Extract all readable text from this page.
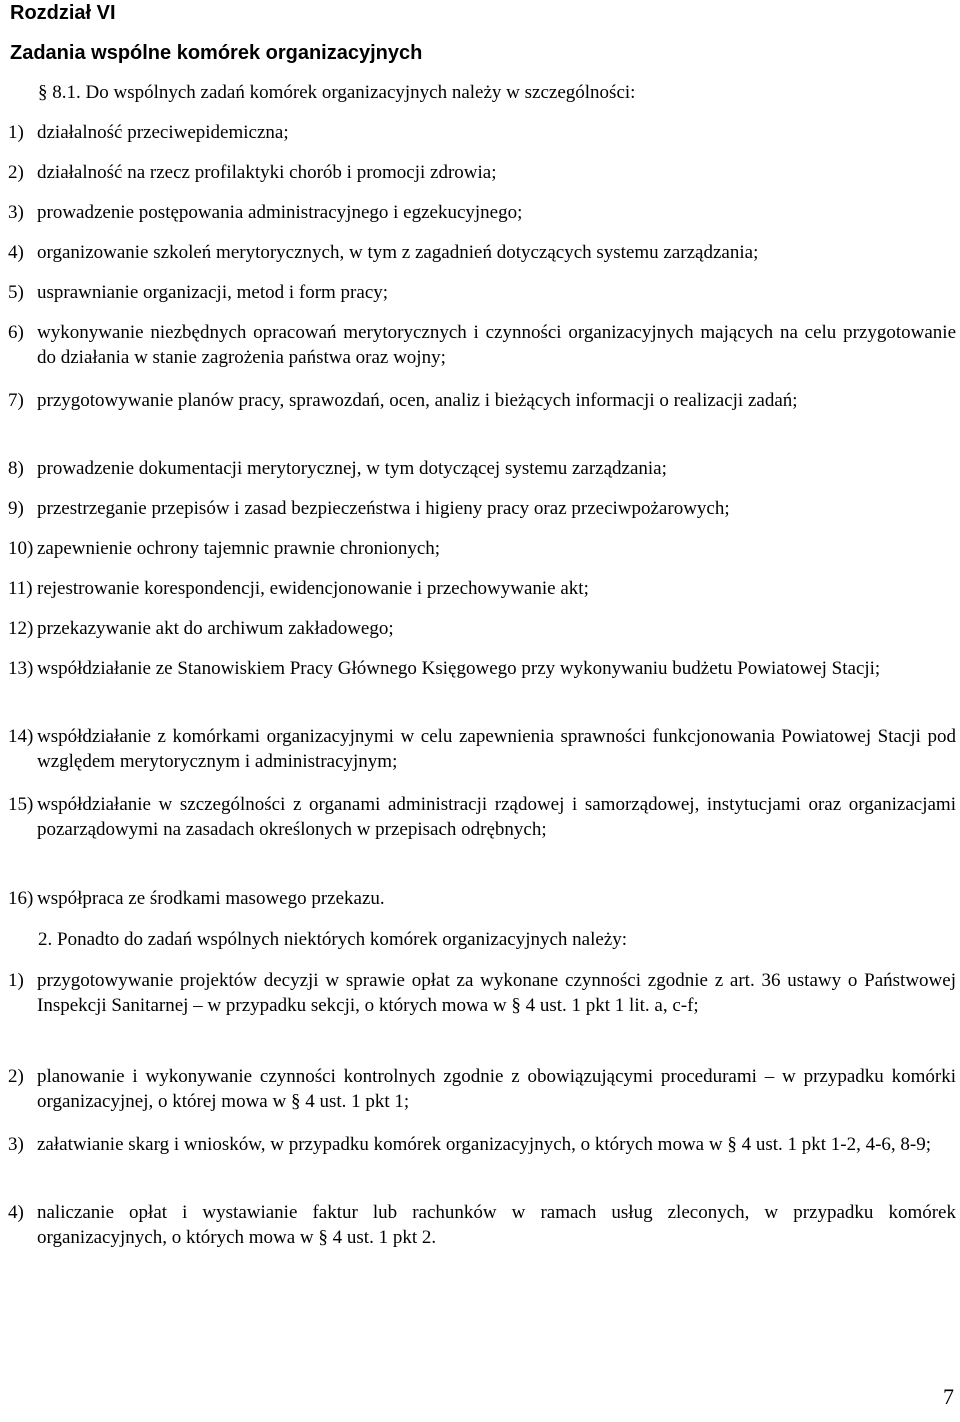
Rozdział VI
Zadania wspólne komórek organizacyjnych
§ 8.1. Do wspólnych zadań komórek organizacyjnych należy w szczególności:
1) działalność przeciwepidemiczna;
2) działalność na rzecz profilaktyki chorób i promocji zdrowia;
3) prowadzenie postępowania administracyjnego i egzekucyjnego;
4) organizowanie szkoleń merytorycznych, w tym z zagadnień dotyczących systemu zarządzania;
5) usprawnianie organizacji, metod i form pracy;
6) wykonywanie niezbędnych opracowań merytorycznych i czynności organizacyjnych mających na celu przygotowanie do działania w stanie zagrożenia państwa oraz wojny;
7) przygotowywanie planów pracy, sprawozdań, ocen, analiz i bieżących informacji o realizacji zadań;
8) prowadzenie dokumentacji merytorycznej, w tym dotyczącej systemu zarządzania;
9) przestrzeganie przepisów i zasad bezpieczeństwa i higieny pracy oraz przeciwpożarowych;
10) zapewnienie ochrony tajemnic prawnie chronionych;
11) rejestrowanie korespondencji, ewidencjonowanie i przechowywanie akt;
12) przekazywanie akt do archiwum zakładowego;
13) współdziałanie ze Stanowiskiem Pracy Głównego Księgowego przy wykonywaniu budżetu Powiatowej Stacji;
14) współdziałanie z komórkami organizacyjnymi w celu zapewnienia sprawności funkcjonowania Powiatowej Stacji pod względem merytorycznym i administracyjnym;
15) współdziałanie w szczególności z organami administracji rządowej i samorządowej, instytucjami oraz organizacjami pozarządowymi na zasadach określonych w przepisach odrębnych;
16) współpraca ze środkami masowego przekazu.
2. Ponadto do zadań wspólnych niektórych komórek organizacyjnych należy:
1) przygotowywanie projektów decyzji w sprawie opłat za wykonane czynności zgodnie z art. 36 ustawy o Państwowej Inspekcji Sanitarnej – w przypadku sekcji, o których mowa w § 4 ust. 1 pkt 1 lit. a, c-f;
2) planowanie i wykonywanie czynności kontrolnych zgodnie z obowiązującymi procedurami – w przypadku komórki organizacyjnej, o której mowa w § 4 ust. 1 pkt 1;
3) załatwianie skarg i wniosków, w przypadku komórek organizacyjnych, o których mowa w § 4 ust. 1 pkt 1-2, 4-6, 8-9;
4) naliczanie opłat i wystawianie faktur lub rachunków w ramach usług zleconych, w przypadku komórek organizacyjnych, o których mowa w § 4 ust. 1 pkt 2.
7
